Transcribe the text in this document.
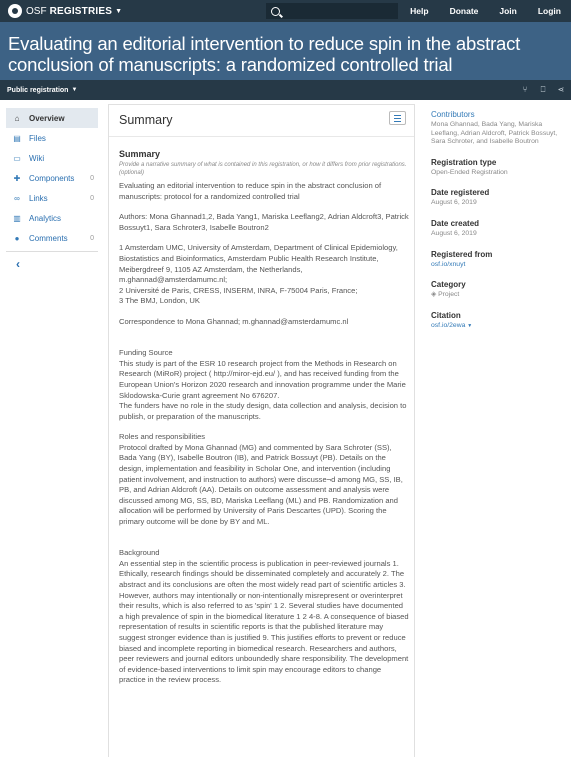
OSF REGISTRIES ▼	Help Donate Join Login
Evaluating an editorial intervention to reduce spin in the abstract conclusion of manuscripts: a randomized controlled trial
Public registration ▼	⑂ ⎕ ⋖
⌂	Overview
▤ Files
▭ Wiki
✚ Components 0
∞ Links	0
▥ Analytics
●	Comments	0
‹
Summary
Summary
Provide a narrative summary of what is contained in this registration, or how it differs from prior registrations. (optional)

Evaluating an editorial intervention to reduce spin in the abstract conclusion of manuscripts: protocol for a randomized controlled trial

Authors: Mona Ghannad1,2, Bada Yang1, Mariska Leeflang2, Adrian Aldcroft3, Patrick Bossuyt1, Sara Schroter3, Isabelle Boutron2

1 Amsterdam UMC, University of Amsterdam, Department of Clinical Epidemiology, Biostatistics and Bioinformatics, Amsterdam Public Health Research Institute, Meibergdreef 9, 1105 AZ Amsterdam, the Netherlands, m.ghannad@amsterdamumc.nl;
2 Université de Paris, CRESS, INSERM, INRA, F-75004 Paris, France;
3 The BMJ, London, UK

Correspondence to Mona Ghannad; m.ghannad@amsterdamumc.nl

Funding Source
This study is part of the ESR 10 research project from the Methods in Research on Research (MiRoR) project ( http://miror-ejd.eu/ ), and has received funding from the European Union's Horizon 2020 research and innovation programme under the Marie Sklodowska-Curie grant agreement No 676207.
The funders have no role in the study design, data collection and analysis, decision to publish, or preparation of the manuscripts.

Roles and responsibilities
Protocol drafted by Mona Ghannad (MG) and commented by Sara Schroter (SS), Bada Yang (BY), Isabelle Boutron (IB), and Patrick Bossuyt (PB). Details on the design, implementation and feasibility in Scholar One, and intervention (including patient involvement, and instruction to authors) were discusse¬d among MG, SS, IB, PB, and Adrian Aldcroft (AA). Details on outcome assessment and analysis were discussed among MG, SS, BD, Mariska Leeflang (ML) and PB. Randomization and allocation will be performed by University of Paris Descartes (UPD). Scoring the primary outcome will be done by BY and ML.

Background
An essential step in the scientific process is publication in peer-reviewed journals 1. Ethically, research findings should be disseminated completely and accurately 2. The abstract and its conclusions are often the most widely read part of scientific articles 3. However, authors may intentionally or non-intentionally misrepresent or overinterpret their results, which is also referred to as 'spin' 1 2. Several studies have documented a high prevalence of spin in the biomedical literature 1 2 4-8. A consequence of biased representation of results in scientific reports is that the published literature may suggest stronger evidence than is justified 9. This justifies efforts to prevent or reduce biased and incomplete reporting in biomedical research. Researchers and authors, peer reviewers and journal editors unboundedly share responsibility. The development of evidence-based interventions to limit spin may encourage editors to change practice in the review process.

Contributors
Mona Ghannad, Bada Yang, Mariska Leeflang, Adrian Aldcroft, Patrick Bossuyt, Sara Schroter, and Isabelle Boutron
Registration type
Open-Ended Registration
Date registered
August 6, 2019
Date created
August 6, 2019
Registered from
osf.io/xnuyt
Category
◈ Project
Citation
osf.io/2ewa ▼
